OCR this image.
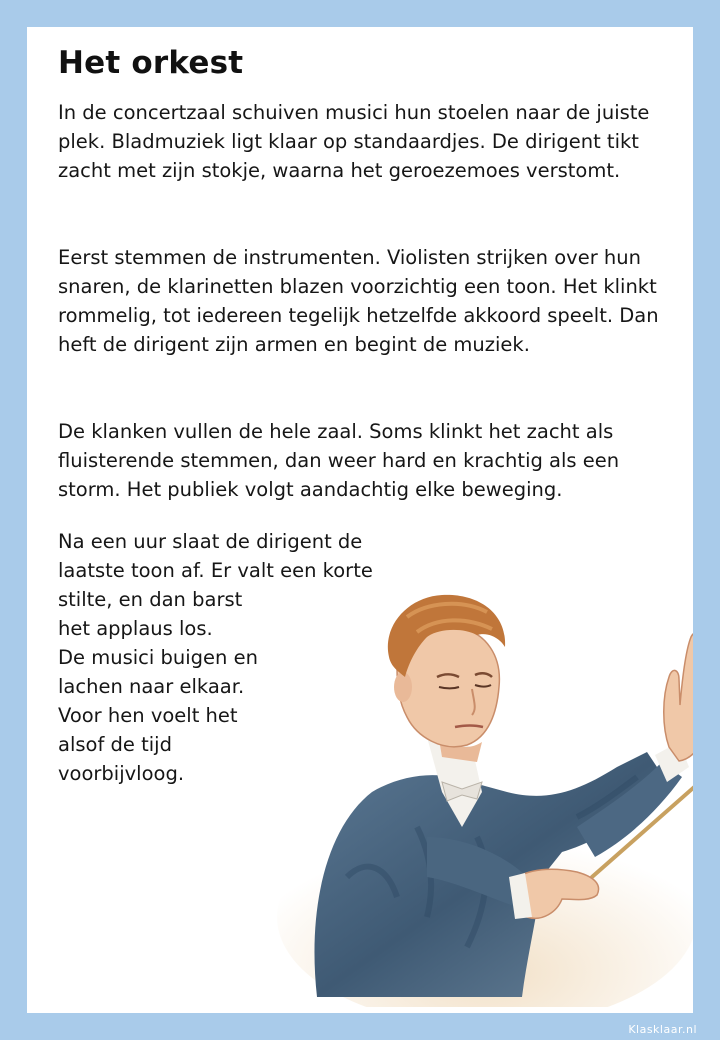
Het orkest

In de concertzaal schuiven musici hun stoelen naar de juiste plek. Bladmuziek ligt klaar op standaardjes. De dirigent tikt zacht met zijn stokje, waarna het geroezemoes verstomt.

Eerst stemmen de instrumenten. Violisten strijken over hun snaren, de klarinetten blazen voorzichtig een toon. Het klinkt rommelig, tot iedereen tegelijk hetzelfde akkoord speelt. Dan heft de dirigent zijn armen en begint de muziek.

De klanken vullen de hele zaal. Soms klinkt het zacht als fluisterende stemmen, dan weer hard en krachtig als een storm. Het publiek volgt aandachtig elke beweging.

Na een uur slaat de dirigent de
laatste toon af. Er valt een korte
stilte, en dan barst
het applaus los.
De musici buigen en
lachen naar elkaar.
Voor hen voelt het
alsof de tijd
voorbijvloog.
Klasklaar.nl
